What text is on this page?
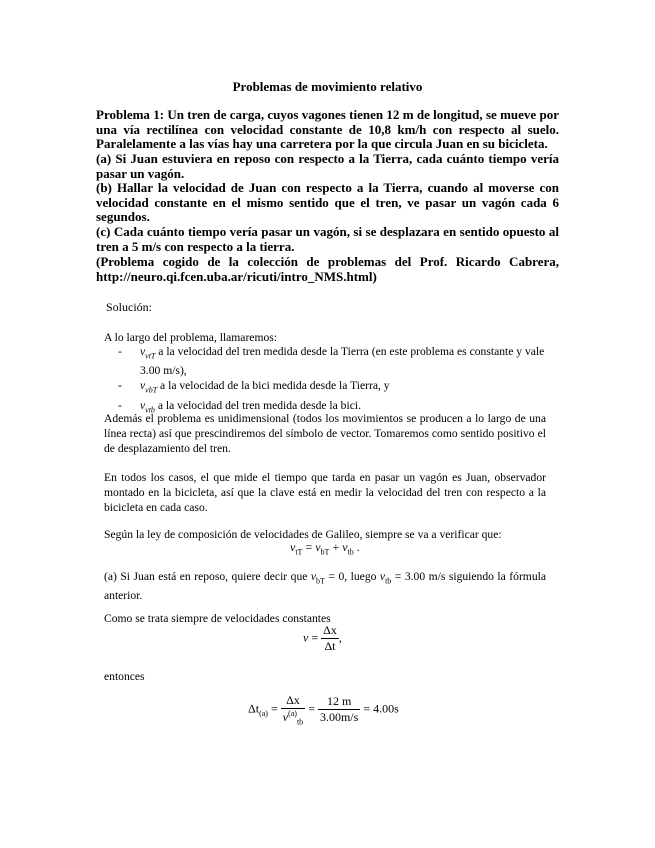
Problemas de movimiento relativo
Problema 1: Un tren de carga, cuyos vagones tienen 12 m de longitud, se mueve por una vía rectilínea con velocidad constante de 10,8 km/h con respecto al suelo. Paralelamente a las vías hay una carretera por la que circula Juan en su bicicleta.
(a) Si Juan estuviera en reposo con respecto a la Tierra, cada cuánto tiempo vería pasar un vagón.
(b) Hallar la velocidad de Juan con respecto a la Tierra, cuando al moverse con velocidad constante en el mismo sentido que el tren, ve pasar un vagón cada 6 segundos.
(c) Cada cuánto tiempo vería pasar un vagón, si se desplazara en sentido opuesto al tren a 5 m/s con respecto a la tierra.
(Problema cogido de la colección de problemas del Prof. Ricardo Cabrera, http://neuro.qi.fcen.uba.ar/ricuti/intro_NMS.html)
Solución:
A lo largo del problema, llamaremos:
- $v_{vtT}$ a la velocidad del tren medida desde la Tierra (en este problema es constante y vale 3.00 m/s),
- $v_{vbT}$ a la velocidad de la bici medida desde la Tierra, y
- $v_{vtb}$ a la velocidad del tren medida desde la bici.
Además el problema es unidimensional (todos los movimientos se producen a lo largo de una línea recta) así que prescindiremos del símbolo de vector. Tomaremos como sentido positivo el de desplazamiento del tren.
En todos los casos, el que mide el tiempo que tarda en pasar un vagón es Juan, observador montado en la bicicleta, así que la clave está en medir la velocidad del tren con respecto a la bicicleta en cada caso.
Según la ley de composición de velocidades de Galileo, siempre se va a verificar que:
$v_{tT} = v_{bT} + v_{tb}$ .
(a) Si Juan está en reposo, quiere decir que $v_{bT} = 0$, luego $v_{tb} = 3.00$ m/s siguiendo la fórmula anterior.
Como se trata siempre de velocidades constantes
$v = \frac{\Delta x}{\Delta t}$ ,
entonces
$\Delta t_{(a)} = \frac{\Delta x}{v^{(a)}_{tb}} = \frac{12 m}{3.00m/s} = 4.00s$
